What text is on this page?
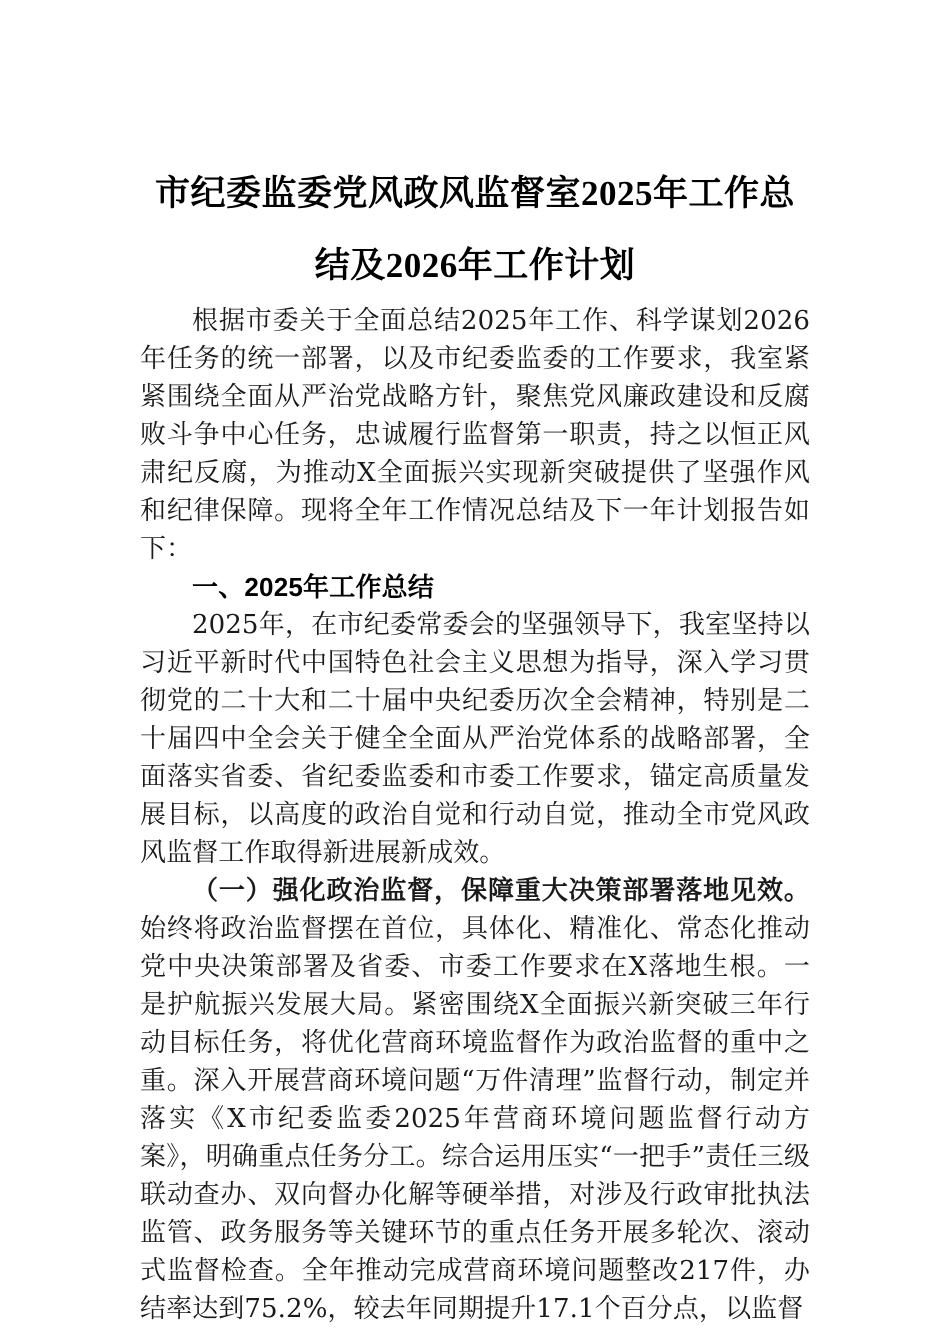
市纪委监委党风政风监督室2025年工作总结及2026年工作计划

根据市委关于全面总结2025年工作、科学谋划2026年任务的统一部署，以及市纪委监委的工作要求，我室紧紧围绕全面从严治党战略方针，聚焦党风廉政建设和反腐败斗争中心任务，忠诚履行监督第一职责，持之以恒正风肃纪反腐，为推动X全面振兴实现新突破提供了坚强作风和纪律保障。现将全年工作情况总结及下一年计划报告如下：

一、2025年工作总结

2025年，在市纪委常委会的坚强领导下，我室坚持以习近平新时代中国特色社会主义思想为指导，深入学习贯彻党的二十大和二十届中央纪委历次全会精神，特别是二十届四中全会关于健全全面从严治党体系的战略部署，全面落实省委、省纪委监委和市委工作要求，锚定高质量发展目标，以高度的政治自觉和行动自觉，推动全市党风政风监督工作取得新进展新成效。

（一）强化政治监督，保障重大决策部署落地见效。始终将政治监督摆在首位，具体化、精准化、常态化推动党中央决策部署及省委、市委工作要求在X落地生根。一是护航振兴发展大局。紧密围绕X全面振兴新突破三年行动目标任务，将优化营商环境监督作为政治监督的重中之重。深入开展营商环境问题“万件清理”监督行动，制定并落实《X市纪委监委2025年营商环境问题监督行动方案》，明确重点任务分工。综合运用压实“一把手”责任三级联动查办、双向督办化解等硬举措，对涉及行政审批执法监管、政务服务等关键环节的重点任务开展多轮次、滚动式监督检查。全年推动完成营商环境问题整改217件，办结率达到75.2%，较去年同期提升17.1个百分点，以监督
